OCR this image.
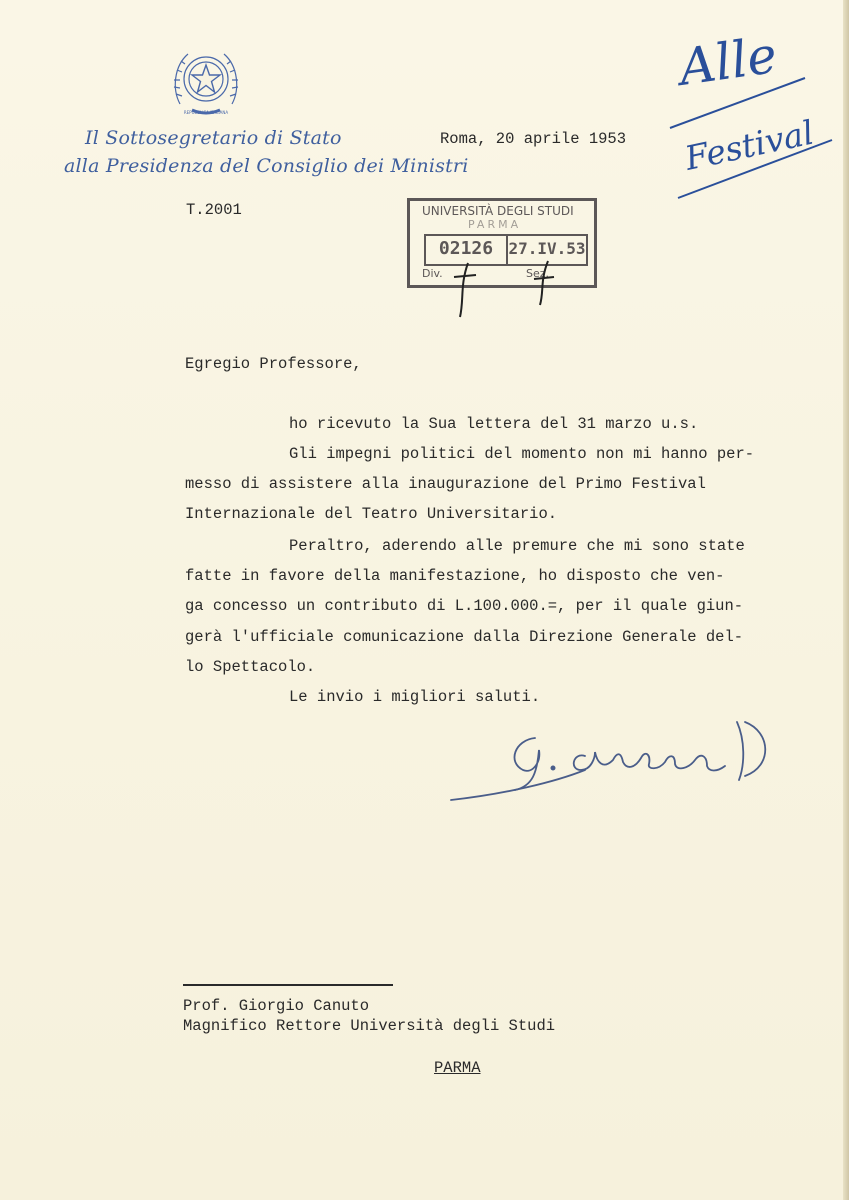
REPUBBLICA ITALIANA
Il Sottosegretario di Stato
alla Presidenza del Consiglio dei Ministri
Roma, 20 aprile 1953
T.2001
Alle
Festival
UNIVERSITÀ DEGLI STUDI
PARMA
02126 27.IV.53
Div.	Sez.
Egregio Professore,
ho ricevuto la Sua lettera del 31 marzo u.s.
Gli impegni politici del momento non mi hanno per-
messo di assistere alla inaugurazione del Primo Festival
Internazionale del Teatro Universitario.
Peraltro, aderendo alle premure che mi sono state
fatte in favore della manifestazione, ho disposto che ven-
ga concesso un contributo di L.100.000.=, per il quale giun-
gerà l'ufficiale comunicazione dalla Direzione Generale del-
lo Spettacolo.
Le invio i migliori saluti.
Prof. Giorgio Canuto
Magnifico Rettore Università degli Studi
PARMA
